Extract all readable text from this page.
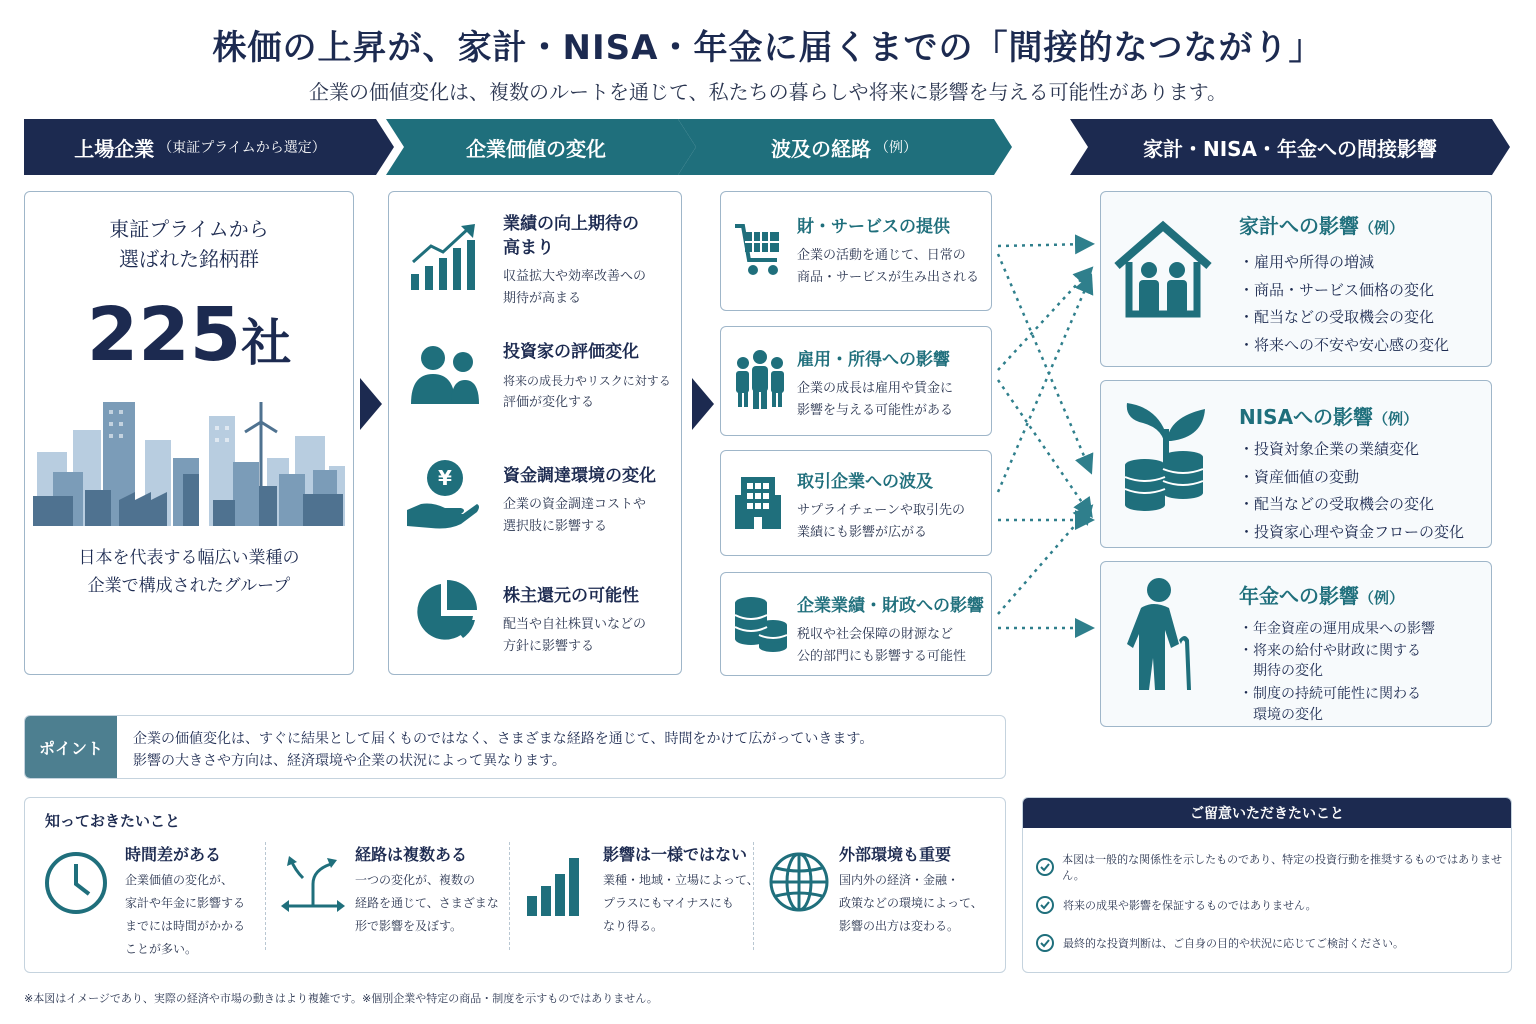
株価の上昇が、家計・NISA・年金に届くまでの「間接的なつながり」
企業の価値変化は、複数のルートを通じて、私たちの暮らしや将来に影響を与える可能性があります。
上場企業 （東証プライムから選定）	企業価値の変化	波及の経路 （例）	家計・NISA・年金への間接影響
東証プライムから
選ばれた銘柄群
225社
日本を代表する幅広い業種の
企業で構成されたグループ
業績の向上期待の
高まり
収益拡大や効率改善への
期待が高まる
投資家の評価変化
将来の成長力やリスクに対する
評価が変化する
¥	資金調達環境の変化
企業の資金調達コストや
選択肢に影響する
株主還元の可能性
配当や自社株買いなどの
方針に影響する
財・サービスの提供
企業の活動を通じて、日常の
商品・サービスが生み出される
雇用・所得への影響
企業の成長は雇用や賃金に
影響を与える可能性がある
取引企業への波及
サプライチェーンや取引先の
業績にも影響が広がる
企業業績・財政への影響
税収や社会保障の財源など
公的部門にも影響する可能性
家計への影響（例）
・雇用や所得の増減
・商品・サービス価格の変化
・配当などの受取機会の変化
・将来への不安や安心感の変化
NISAへの影響（例）
・投資対象企業の業績変化
・資産価値の変動
・配当などの受取機会の変化
・投資家心理や資金フローの変化
年金への影響（例）
・年金資産の運用成果への影響
・将来の給付や財政に関する
期待の変化
・制度の持続可能性に関わる
環境の変化
ポイント	企業の価値変化は、すぐに結果として届くものではなく、さまざまな経路を通じて、時間をかけて広がっていきます。
影響の大きさや方向は、経済環境や企業の状況によって異なります。
知っておきたいこと
時間差がある
企業価値の変化が、
家計や年金に影響する
までには時間がかかる
ことが多い。
経路は複数ある
一つの変化が、複数の
経路を通じて、さまざまな
形で影響を及ぼす。
影響は一様ではない
業種・地域・立場によって、
プラスにもマイナスにも
なり得る。
外部環境も重要
国内外の経済・金融・
政策などの環境によって、
影響の出方は変わる。
ご留意いただきたいこと
本図は一般的な関係性を示したものであり、特定の投資行動を推奨するものではありません。
将来の成果や影響を保証するものではありません。
最終的な投資判断は、ご自身の目的や状況に応じてご検討ください。
※本図はイメージであり、実際の経済や市場の動きはより複雑です。※個別企業や特定の商品・制度を示すものではありません。
